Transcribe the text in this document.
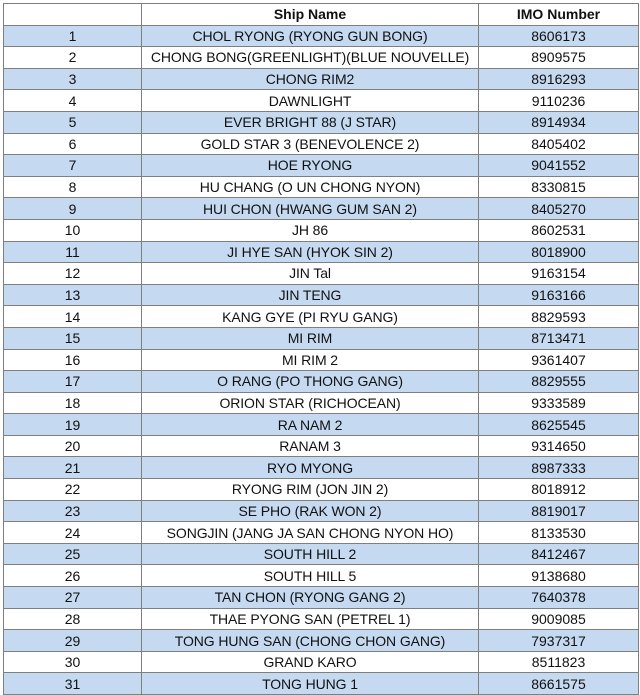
	Ship Name	IMO Number
1	CHOL RYONG (RYONG GUN BONG)	8606173
2	CHONG BONG(GREENLIGHT)(BLUE NOUVELLE)	8909575
3	CHONG RIM2	8916293
4	DAWNLIGHT	9110236
5	EVER BRIGHT 88 (J STAR)	8914934
6	GOLD STAR 3 (BENEVOLENCE 2)	8405402
7	HOE RYONG	9041552
8	HU CHANG (O UN CHONG NYON)	8330815
9	HUI CHON (HWANG GUM SAN 2)	8405270
10	JH 86	8602531
11	JI HYE SAN (HYOK SIN 2)	8018900
12	JIN Tal	9163154
13	JIN TENG	9163166
14	KANG GYE (PI RYU GANG)	8829593
15	MI RIM	8713471
16	MI RIM 2	9361407
17	O RANG (PO THONG GANG)	8829555
18	ORION STAR (RICHOCEAN)	9333589
19	RA NAM 2	8625545
20	RANAM 3	9314650
21	RYO MYONG	8987333
22	RYONG RIM (JON JIN 2)	8018912
23	SE PHO (RAK WON 2)	8819017
24	SONGJIN (JANG JA SAN CHONG NYON HO)	8133530
25	SOUTH HILL 2	8412467
26	SOUTH HILL 5	9138680
27	TAN CHON (RYONG GANG 2)	7640378
28	THAE PYONG SAN (PETREL 1)	9009085
29	TONG HUNG SAN (CHONG CHON GANG)	7937317
30	GRAND KARO	8511823
31	TONG HUNG 1	8661575
